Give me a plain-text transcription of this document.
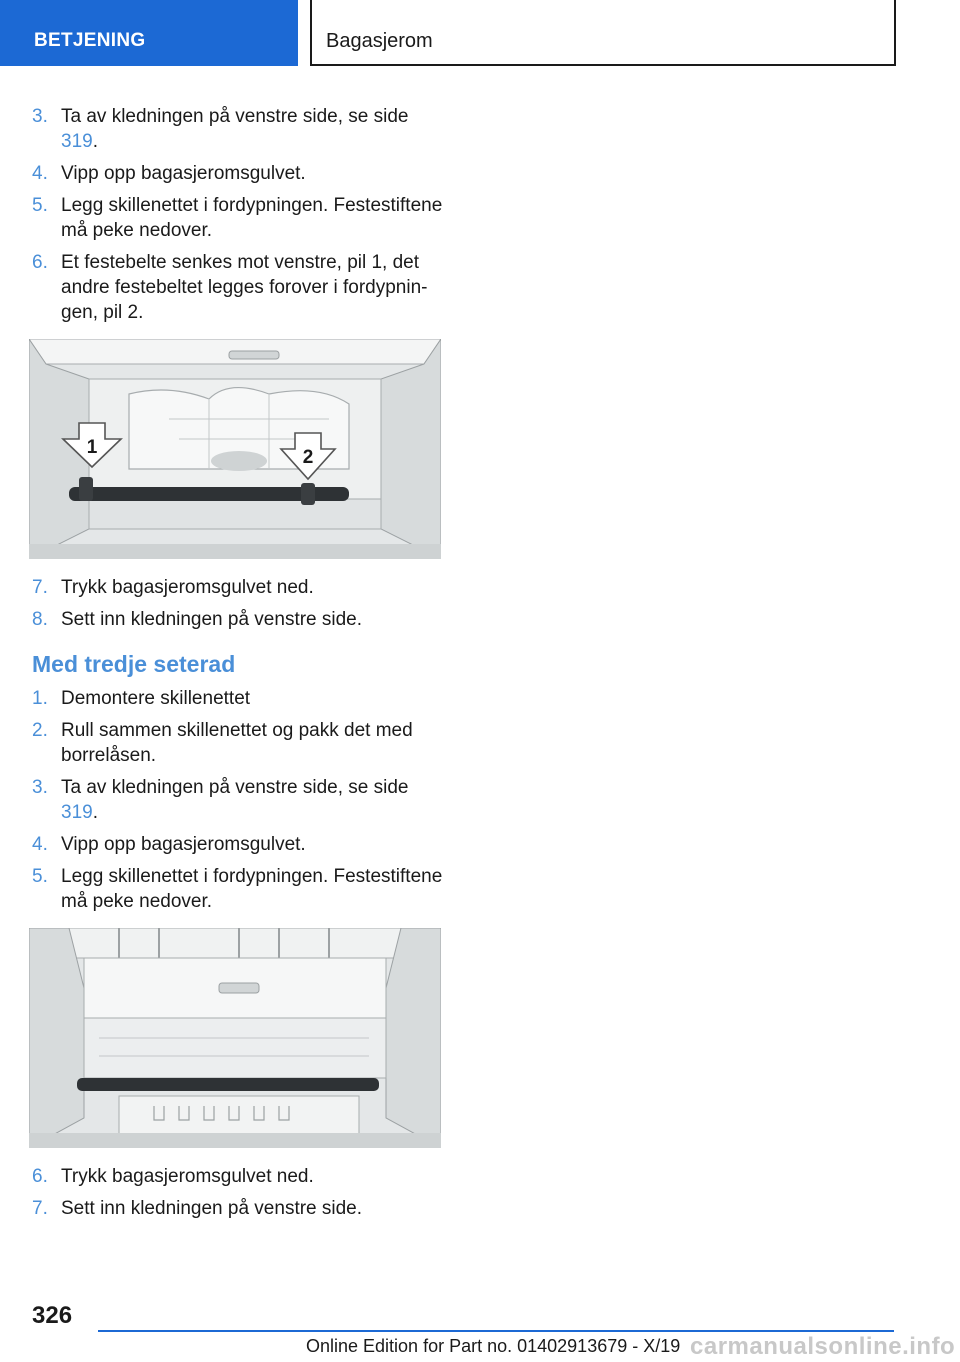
BETJENING	Bagasjerom
3. Ta av kledningen på venstre side, se side 319.
4. Vipp opp bagasjeromsgulvet.
5. Legg skillenettet i fordypningen. Festestiftene må peke nedover.
6. Et festebelte senkes mot venstre, pil 1, det andre festebeltet legges forover i fordypningen, pil 2.
1	2
7. Trykk bagasjeromsgulvet ned.
8. Sett inn kledningen på venstre side.
Med tredje seterad
1. Demontere skillenettet
2. Rull sammen skillenettet og pakk det med borrelåsen.
3. Ta av kledningen på venstre side, se side 319.
4. Vipp opp bagasjeromsgulvet.
5. Legg skillenettet i fordypningen. Festestiftene må peke nedover.
6. Trykk bagasjeromsgulvet ned.
7. Sett inn kledningen på venstre side.
326
Online Edition for Part no. 01402913679 - X/19 carmanualsonline.info
